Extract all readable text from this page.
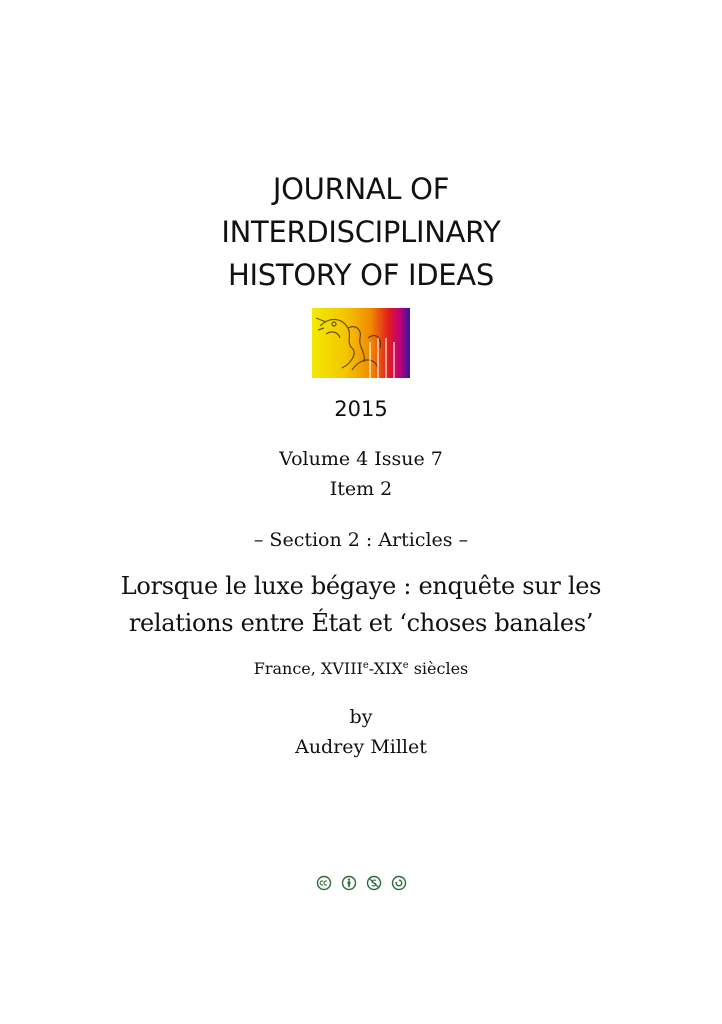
JOURNAL OF
INTERDISCIPLINARY
HISTORY OF IDEAS
2015
Volume 4 Issue 7
Item 2
– Section 2 : Articles –
Lorsque le luxe bégaye : enquête sur les
relations entre État et ‘choses banales’
France, XVIIIe-XIXe siècles
by
Audrey Millet
